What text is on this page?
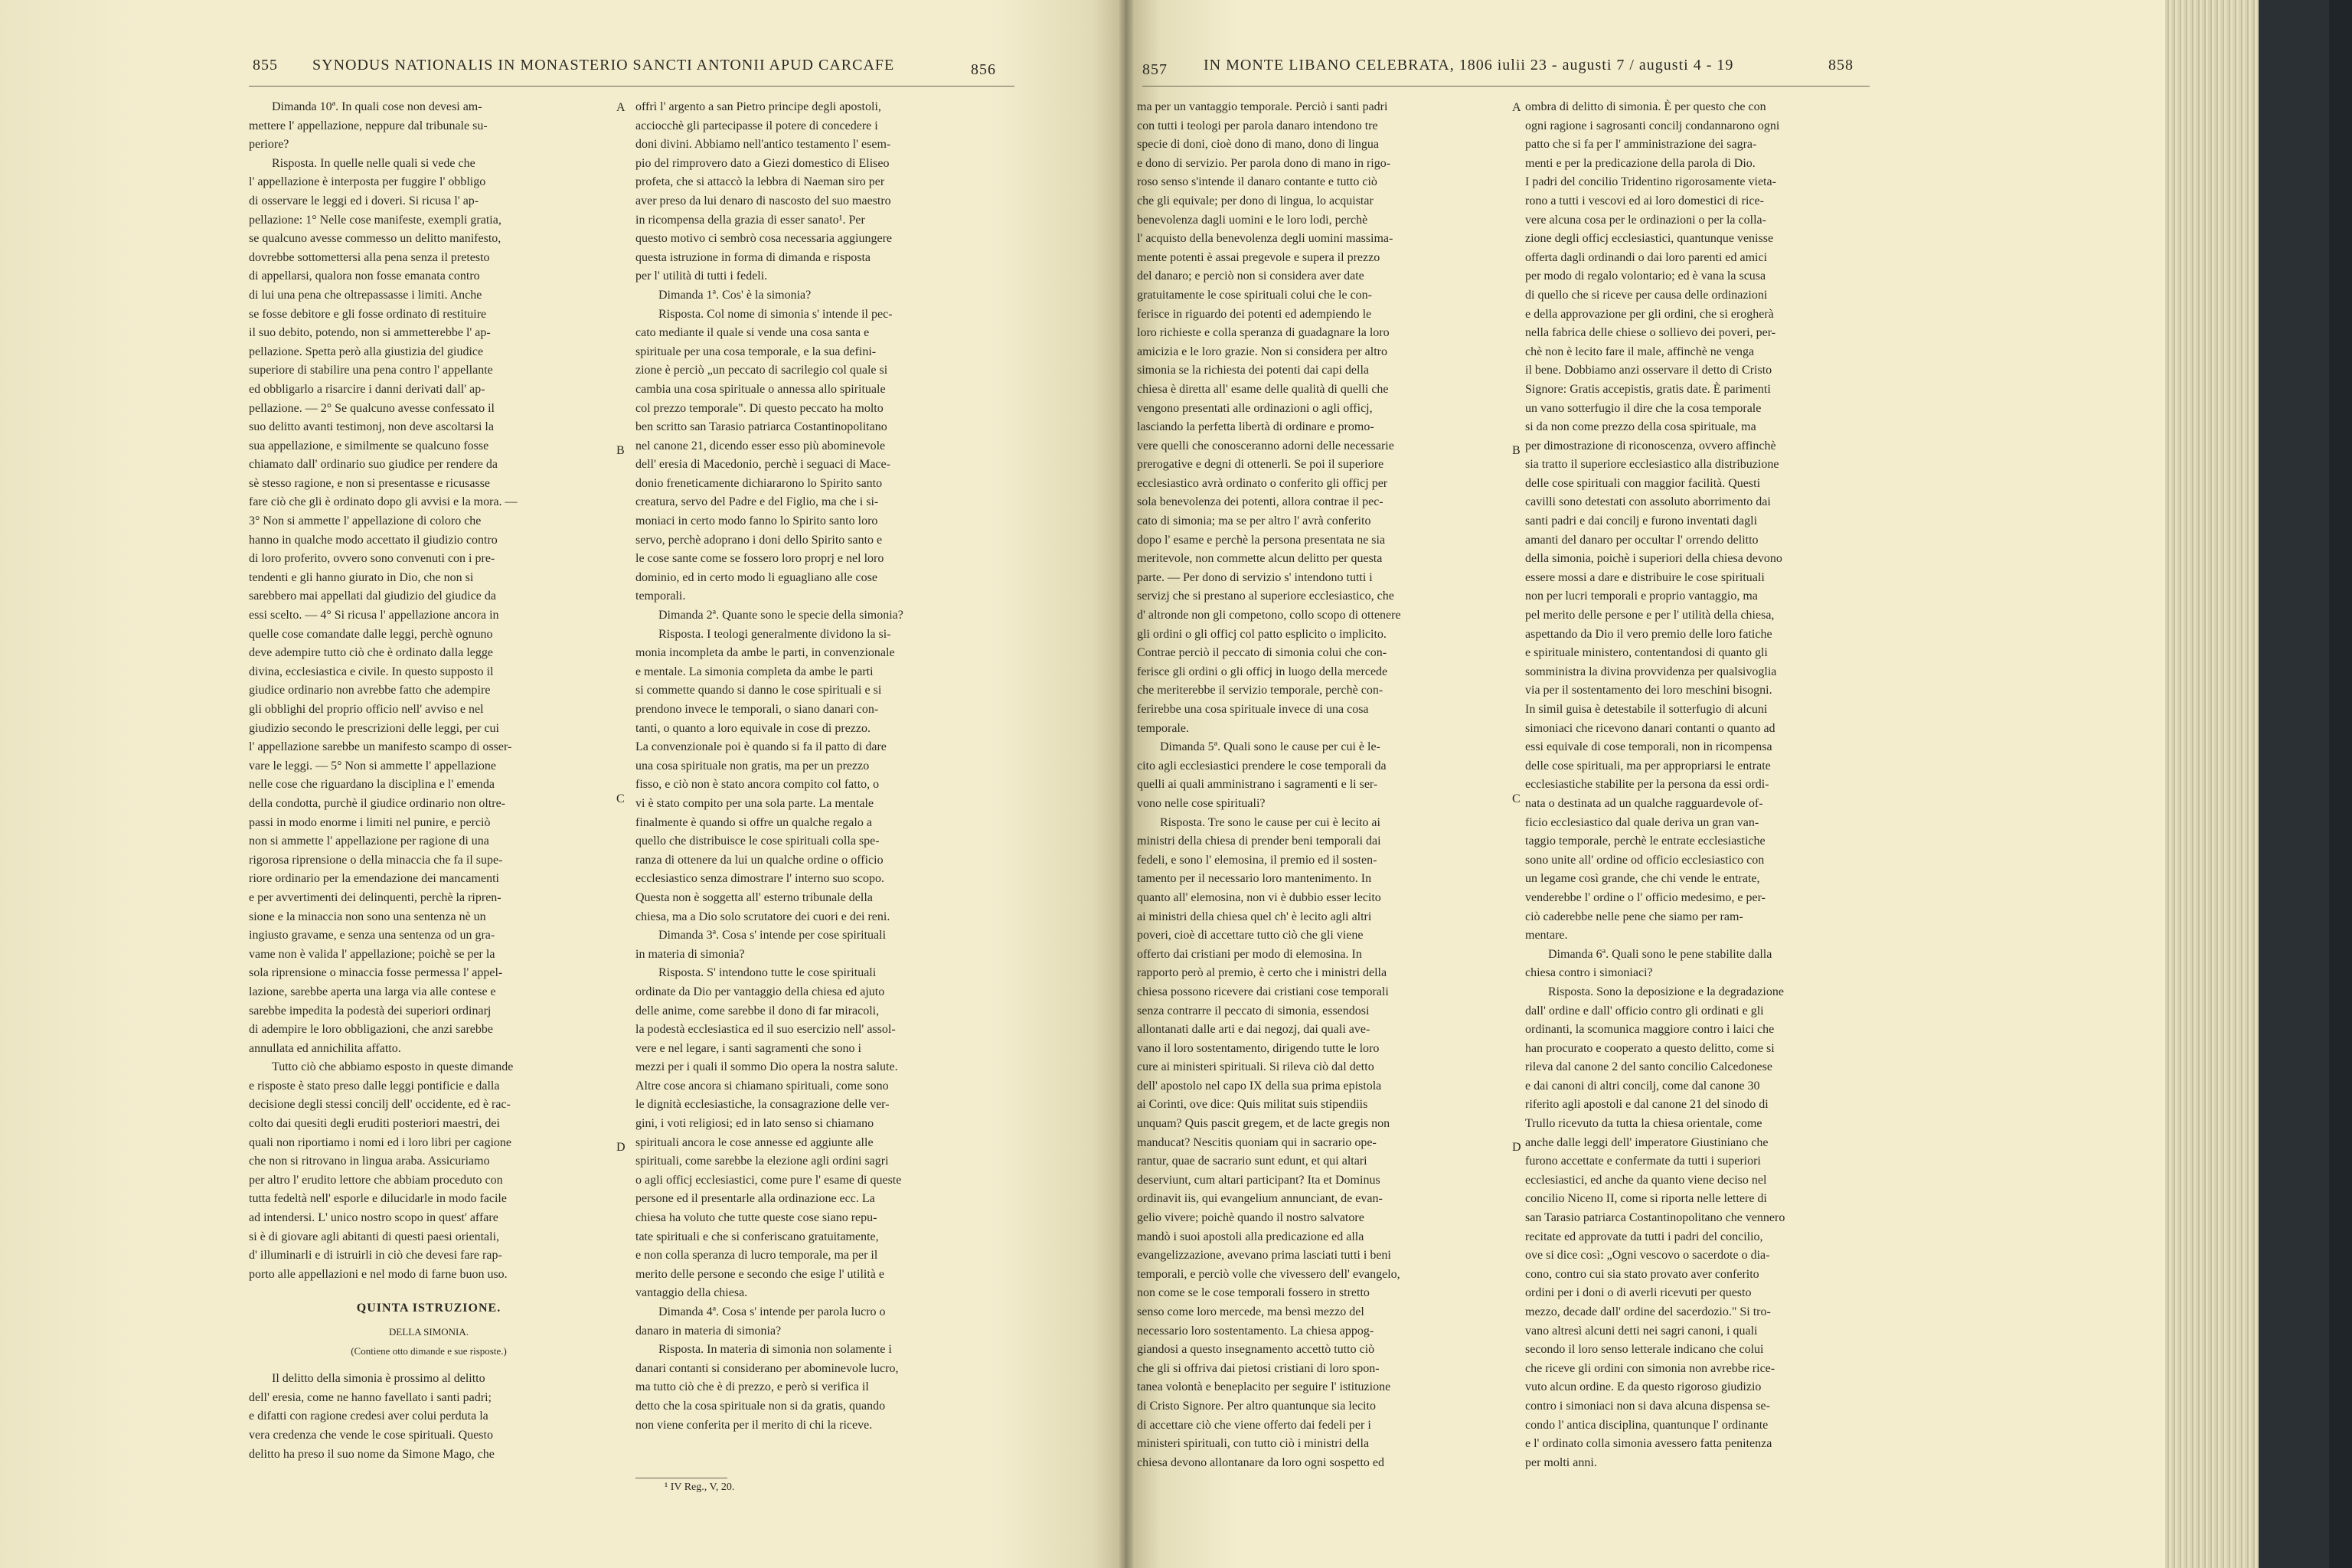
855 SYNODUS NATIONALIS IN MONASTERIO SANCTI ANTONII APUD CARCAFE	856

Dimanda 10ª. In quali cose non devesi am-

mettere l' appellazione, neppure dal tribunale su-

periore?

Risposta. In quelle nelle quali si vede che

l' appellazione è interposta per fuggire l' obbligo

di osservare le leggi ed i doveri. Si ricusa l' ap-

pellazione: 1° Nelle cose manifeste, exempli gratia,

se qualcuno avesse commesso un delitto manifesto,

dovrebbe sottomettersi alla pena senza il pretesto

di appellarsi, qualora non fosse emanata contro

di lui una pena che oltrepassasse i limiti. Anche

se fosse debitore e gli fosse ordinato di restituire

il suo debito, potendo, non si ammetterebbe l' ap-

pellazione. Spetta però alla giustizia del giudice

superiore di stabilire una pena contro l' appellante

ed obbligarlo a risarcire i danni derivati dall' ap-

pellazione. — 2° Se qualcuno avesse confessato il

suo delitto avanti testimonj, non deve ascoltarsi la

sua appellazione, e similmente se qualcuno fosse

chiamato dall' ordinario suo giudice per rendere da

sè stesso ragione, e non si presentasse e ricusasse

fare ciò che gli è ordinato dopo gli avvisi e la mora. —

3° Non si ammette l' appellazione di coloro che

hanno in qualche modo accettato il giudizio contro

di loro proferito, ovvero sono convenuti con i pre-

tendenti e gli hanno giurato in Dio, che non si

sarebbero mai appellati dal giudizio del giudice da

essi scelto. — 4° Si ricusa l' appellazione ancora in

quelle cose comandate dalle leggi, perchè ognuno

deve adempire tutto ciò che è ordinato dalla legge

divina, ecclesiastica e civile. In questo supposto il

giudice ordinario non avrebbe fatto che adempire

gli obblighi del proprio officio nell' avviso e nel

giudizio secondo le prescrizioni delle leggi, per cui

l' appellazione sarebbe un manifesto scampo di osser-

vare le leggi. — 5° Non si ammette l' appellazione

nelle cose che riguardano la disciplina e l' emenda

della condotta, purchè il giudice ordinario non oltre-

passi in modo enorme i limiti nel punire, e perciò

non si ammette l' appellazione per ragione di una

rigorosa riprensione o della minaccia che fa il supe-

riore ordinario per la emendazione dei mancamenti

e per avvertimenti dei delinquenti, perchè la ripren-

sione e la minaccia non sono una sentenza nè un

ingiusto gravame, e senza una sentenza od un gra-

vame non è valida l' appellazione; poichè se per la

sola riprensione o minaccia fosse permessa l' appel-

lazione, sarebbe aperta una larga via alle contese e

sarebbe impedita la podestà dei superiori ordinarj

di adempire le loro obbligazioni, che anzi sarebbe

annullata ed annichilita affatto.

Tutto ciò che abbiamo esposto in queste dimande

e risposte è stato preso dalle leggi pontificie e dalla

decisione degli stessi concilj dell' occidente, ed è rac-

colto dai quesiti degli eruditi posteriori maestri, dei

quali non riportiamo i nomi ed i loro libri per cagione

che non si ritrovano in lingua araba. Assicuriamo

per altro l' erudito lettore che abbiam proceduto con

tutta fedeltà nell' esporle e dilucidarle in modo facile

ad intendersi. L' unico nostro scopo in quest' affare

si è di giovare agli abitanti di questi paesi orientali,

d' illuminarli e di istruirli in ciò che devesi fare rap-

porto alle appellazioni e nel modo di farne buon uso.

QUINTA ISTRUZIONE.

DELLA SIMONIA.

(Contiene otto dimande e sue risposte.)

Il delitto della simonia è prossimo al delitto

dell' eresia, come ne hanno favellato i santi padri;

e difatti con ragione credesi aver colui perduta la

vera credenza che vende le cose spirituali. Questo

delitto ha preso il suo nome da Simone Mago, che

A
B
C
D

offrì l' argento a san Pietro principe degli apostoli,

acciocchè gli partecipasse il potere di concedere i

doni divini. Abbiamo nell'antico testamento l' esem-

pio del rimprovero dato a Giezi domestico di Eliseo

profeta, che si attaccò la lebbra di Naeman siro per

aver preso da lui denaro di nascosto del suo maestro

in ricompensa della grazia di esser sanato¹. Per

questo motivo ci sembrò cosa necessaria aggiungere

questa istruzione in forma di dimanda e risposta

per l' utilità di tutti i fedeli.

Dimanda 1ª. Cos' è la simonia?

Risposta. Col nome di simonia s' intende il pec-

cato mediante il quale si vende una cosa santa e

spirituale per una cosa temporale, e la sua defini-

zione è perciò „un peccato di sacrilegio col quale si

cambia una cosa spirituale o annessa allo spirituale

col prezzo temporale". Di questo peccato ha molto

ben scritto san Tarasio patriarca Costantinopolitano

nel canone 21, dicendo esser esso più abominevole

dell' eresia di Macedonio, perchè i seguaci di Mace-

donio freneticamente dichiararono lo Spirito santo

creatura, servo del Padre e del Figlio, ma che i si-

moniaci in certo modo fanno lo Spirito santo loro

servo, perchè adoprano i doni dello Spirito santo e

le cose sante come se fossero loro proprj e nel loro

dominio, ed in certo modo li eguagliano alle cose

temporali.

Dimanda 2ª. Quante sono le specie della simonia?

Risposta. I teologi generalmente dividono la si-

monia incompleta da ambe le parti, in convenzionale

e mentale. La simonia completa da ambe le parti

si commette quando si danno le cose spirituali e si

prendono invece le temporali, o siano danari con-

tanti, o quanto a loro equivale in cose di prezzo.

La convenzionale poi è quando si fa il patto di dare

una cosa spirituale non gratis, ma per un prezzo

fisso, e ciò non è stato ancora compito col fatto, o

vi è stato compito per una sola parte. La mentale

finalmente è quando si offre un qualche regalo a

quello che distribuisce le cose spirituali colla spe-

ranza di ottenere da lui un qualche ordine o officio

ecclesiastico senza dimostrare l' interno suo scopo.

Questa non è soggetta all' esterno tribunale della

chiesa, ma a Dio solo scrutatore dei cuori e dei reni.

Dimanda 3ª. Cosa s' intende per cose spirituali

in materia di simonia?

Risposta. S' intendono tutte le cose spirituali

ordinate da Dio per vantaggio della chiesa ed ajuto

delle anime, come sarebbe il dono di far miracoli,

la podestà ecclesiastica ed il suo esercizio nell' assol-

vere e nel legare, i santi sagramenti che sono i

mezzi per i quali il sommo Dio opera la nostra salute.

Altre cose ancora si chiamano spirituali, come sono

le dignità ecclesiastiche, la consagrazione delle ver-

gini, i voti religiosi; ed in lato senso si chiamano

spirituali ancora le cose annesse ed aggiunte alle

spirituali, come sarebbe la elezione agli ordini sagri

o agli officj ecclesiastici, come pure l' esame di queste

persone ed il presentarle alla ordinazione ecc. La

chiesa ha voluto che tutte queste cose siano repu-

tate spirituali e che si conferiscano gratuitamente,

e non colla speranza di lucro temporale, ma per il

merito delle persone e secondo che esige l' utilità e

vantaggio della chiesa.

Dimanda 4ª. Cosa s' intende per parola lucro o

danaro in materia di simonia?

Risposta. In materia di simonia non solamente i

danari contanti si considerano per abominevole lucro,

ma tutto ciò che è di prezzo, e però si verifica il

detto che la cosa spirituale non si da gratis, quando

non viene conferita per il merito di chi la riceve.

¹ IV Reg., V, 20.
857 IN MONTE LIBANO CELEBRATA, 1806 iulii 23 - augusti 7 / augusti 4 - 19	858

ma per un vantaggio temporale. Perciò i santi padri

con tutti i teologi per parola danaro intendono tre

specie di doni, cioè dono di mano, dono di lingua

e dono di servizio. Per parola dono di mano in rigo-

roso senso s'intende il danaro contante e tutto ciò

che gli equivale; per dono di lingua, lo acquistar

benevolenza dagli uomini e le loro lodi, perchè

l' acquisto della benevolenza degli uomini massima-

mente potenti è assai pregevole e supera il prezzo

del danaro; e perciò non si considera aver date

gratuitamente le cose spirituali colui che le con-

ferisce in riguardo dei potenti ed adempiendo le

loro richieste e colla speranza di guadagnare la loro

amicizia e le loro grazie. Non si considera per altro

simonia se la richiesta dei potenti dai capi della

chiesa è diretta all' esame delle qualità di quelli che

vengono presentati alle ordinazioni o agli officj,

lasciando la perfetta libertà di ordinare e promo-

vere quelli che conosceranno adorni delle necessarie

prerogative e degni di ottenerli. Se poi il superiore

ecclesiastico avrà ordinato o conferito gli officj per

sola benevolenza dei potenti, allora contrae il pec-

cato di simonia; ma se per altro l' avrà conferito

dopo l' esame e perchè la persona presentata ne sia

meritevole, non commette alcun delitto per questa

parte. — Per dono di servizio s' intendono tutti i

servizj che si prestano al superiore ecclesiastico, che

d' altronde non gli competono, collo scopo di ottenere

gli ordini o gli officj col patto esplicito o implicito.

Contrae perciò il peccato di simonia colui che con-

ferisce gli ordini o gli officj in luogo della mercede

che meriterebbe il servizio temporale, perchè con-

ferirebbe una cosa spirituale invece di una cosa

temporale.

Dimanda 5ª. Quali sono le cause per cui è le-

cito agli ecclesiastici prendere le cose temporali da

quelli ai quali amministrano i sagramenti e li ser-

vono nelle cose spirituali?

Risposta. Tre sono le cause per cui è lecito ai

ministri della chiesa di prender beni temporali dai

fedeli, e sono l' elemosina, il premio ed il sosten-

tamento per il necessario loro mantenimento. In

quanto all' elemosina, non vi è dubbio esser lecito

ai ministri della chiesa quel ch' è lecito agli altri

poveri, cioè di accettare tutto ciò che gli viene

offerto dai cristiani per modo di elemosina. In

rapporto però al premio, è certo che i ministri della

chiesa possono ricevere dai cristiani cose temporali

senza contrarre il peccato di simonia, essendosi

allontanati dalle arti e dai negozj, dai quali ave-

vano il loro sostentamento, dirigendo tutte le loro

cure ai ministeri spirituali. Si rileva ciò dal detto

dell' apostolo nel capo IX della sua prima epistola

ai Corinti, ove dice: Quis militat suis stipendiis

unquam? Quis pascit gregem, et de lacte gregis non

manducat? Nescitis quoniam qui in sacrario ope-

rantur, quae de sacrario sunt edunt, et qui altari

deserviunt, cum altari participant? Ita et Dominus

ordinavit iis, qui evangelium annunciant, de evan-

gelio vivere; poichè quando il nostro salvatore

mandò i suoi apostoli alla predicazione ed alla

evangelizzazione, avevano prima lasciati tutti i beni

temporali, e perciò volle che vivessero dell' evangelo,

non come se le cose temporali fossero in stretto

senso come loro mercede, ma bensì mezzo del

necessario loro sostentamento. La chiesa appog-

giandosi a questo insegnamento accettò tutto ciò

che gli si offriva dai pietosi cristiani di loro spon-

tanea volontà e beneplacito per seguire l' istituzione

di Cristo Signore. Per altro quantunque sia lecito

di accettare ciò che viene offerto dai fedeli per i

ministeri spirituali, con tutto ciò i ministri della

chiesa devono allontanare da loro ogni sospetto ed

A
B
C
D

ombra di delitto di simonia. È per questo che con

ogni ragione i sagrosanti concilj condannarono ogni

patto che si fa per l' amministrazione dei sagra-

menti e per la predicazione della parola di Dio.

I padri del concilio Tridentino rigorosamente vieta-

rono a tutti i vescovi ed ai loro domestici di rice-

vere alcuna cosa per le ordinazioni o per la colla-

zione degli officj ecclesiastici, quantunque venisse

offerta dagli ordinandi o dai loro parenti ed amici

per modo di regalo volontario; ed è vana la scusa

di quello che si riceve per causa delle ordinazioni

e della approvazione per gli ordini, che si erogherà

nella fabrica delle chiese o sollievo dei poveri, per-

chè non è lecito fare il male, affinchè ne venga

il bene. Dobbiamo anzi osservare il detto di Cristo

Signore: Gratis accepistis, gratis date. È parimenti

un vano sotterfugio il dire che la cosa temporale

si da non come prezzo della cosa spirituale, ma

per dimostrazione di riconoscenza, ovvero affinchè

sia tratto il superiore ecclesiastico alla distribuzione

delle cose spirituali con maggior facilità. Questi

cavilli sono detestati con assoluto aborrimento dai

santi padri e dai concilj e furono inventati dagli

amanti del danaro per occultar l' orrendo delitto

della simonia, poichè i superiori della chiesa devono

essere mossi a dare e distribuire le cose spirituali

non per lucri temporali e proprio vantaggio, ma

pel merito delle persone e per l' utilità della chiesa,

aspettando da Dio il vero premio delle loro fatiche

e spirituale ministero, contentandosi di quanto gli

somministra la divina provvidenza per qualsivoglia

via per il sostentamento dei loro meschini bisogni.

In simil guisa è detestabile il sotterfugio di alcuni

simoniaci che ricevono danari contanti o quanto ad

essi equivale di cose temporali, non in ricompensa

delle cose spirituali, ma per appropriarsi le entrate

ecclesiastiche stabilite per la persona da essi ordi-

nata o destinata ad un qualche ragguardevole of-

ficio ecclesiastico dal quale deriva un gran van-

taggio temporale, perchè le entrate ecclesiastiche

sono unite all' ordine od officio ecclesiastico con

un legame così grande, che chi vende le entrate,

venderebbe l' ordine o l' officio medesimo, e per-

ciò caderebbe nelle pene che siamo per ram-

mentare.

Dimanda 6ª. Quali sono le pene stabilite dalla

chiesa contro i simoniaci?

Risposta. Sono la deposizione e la degradazione

dall' ordine e dall' officio contro gli ordinati e gli

ordinanti, la scomunica maggiore contro i laici che

han procurato e cooperato a questo delitto, come si

rileva dal canone 2 del santo concilio Calcedonese

e dai canoni di altri concilj, come dal canone 30

riferito agli apostoli e dal canone 21 del sinodo di

Trullo ricevuto da tutta la chiesa orientale, come

anche dalle leggi dell' imperatore Giustiniano che

furono accettate e confermate da tutti i superiori

ecclesiastici, ed anche da quanto viene deciso nel

concilio Niceno II, come si riporta nelle lettere di

san Tarasio patriarca Costantinopolitano che vennero

recitate ed approvate da tutti i padri del concilio,

ove si dice così: „Ogni vescovo o sacerdote o dia-

cono, contro cui sia stato provato aver conferito

ordini per i doni o di averli ricevuti per questo

mezzo, decade dall' ordine del sacerdozio." Si tro-

vano altresì alcuni detti nei sagri canoni, i quali

secondo il loro senso letterale indicano che colui

che riceve gli ordini con simonia non avrebbe rice-

vuto alcun ordine. E da questo rigoroso giudizio

contro i simoniaci non si dava alcuna dispensa se-

condo l' antica disciplina, quantunque l' ordinante

e l' ordinato colla simonia avessero fatta penitenza

per molti anni.
